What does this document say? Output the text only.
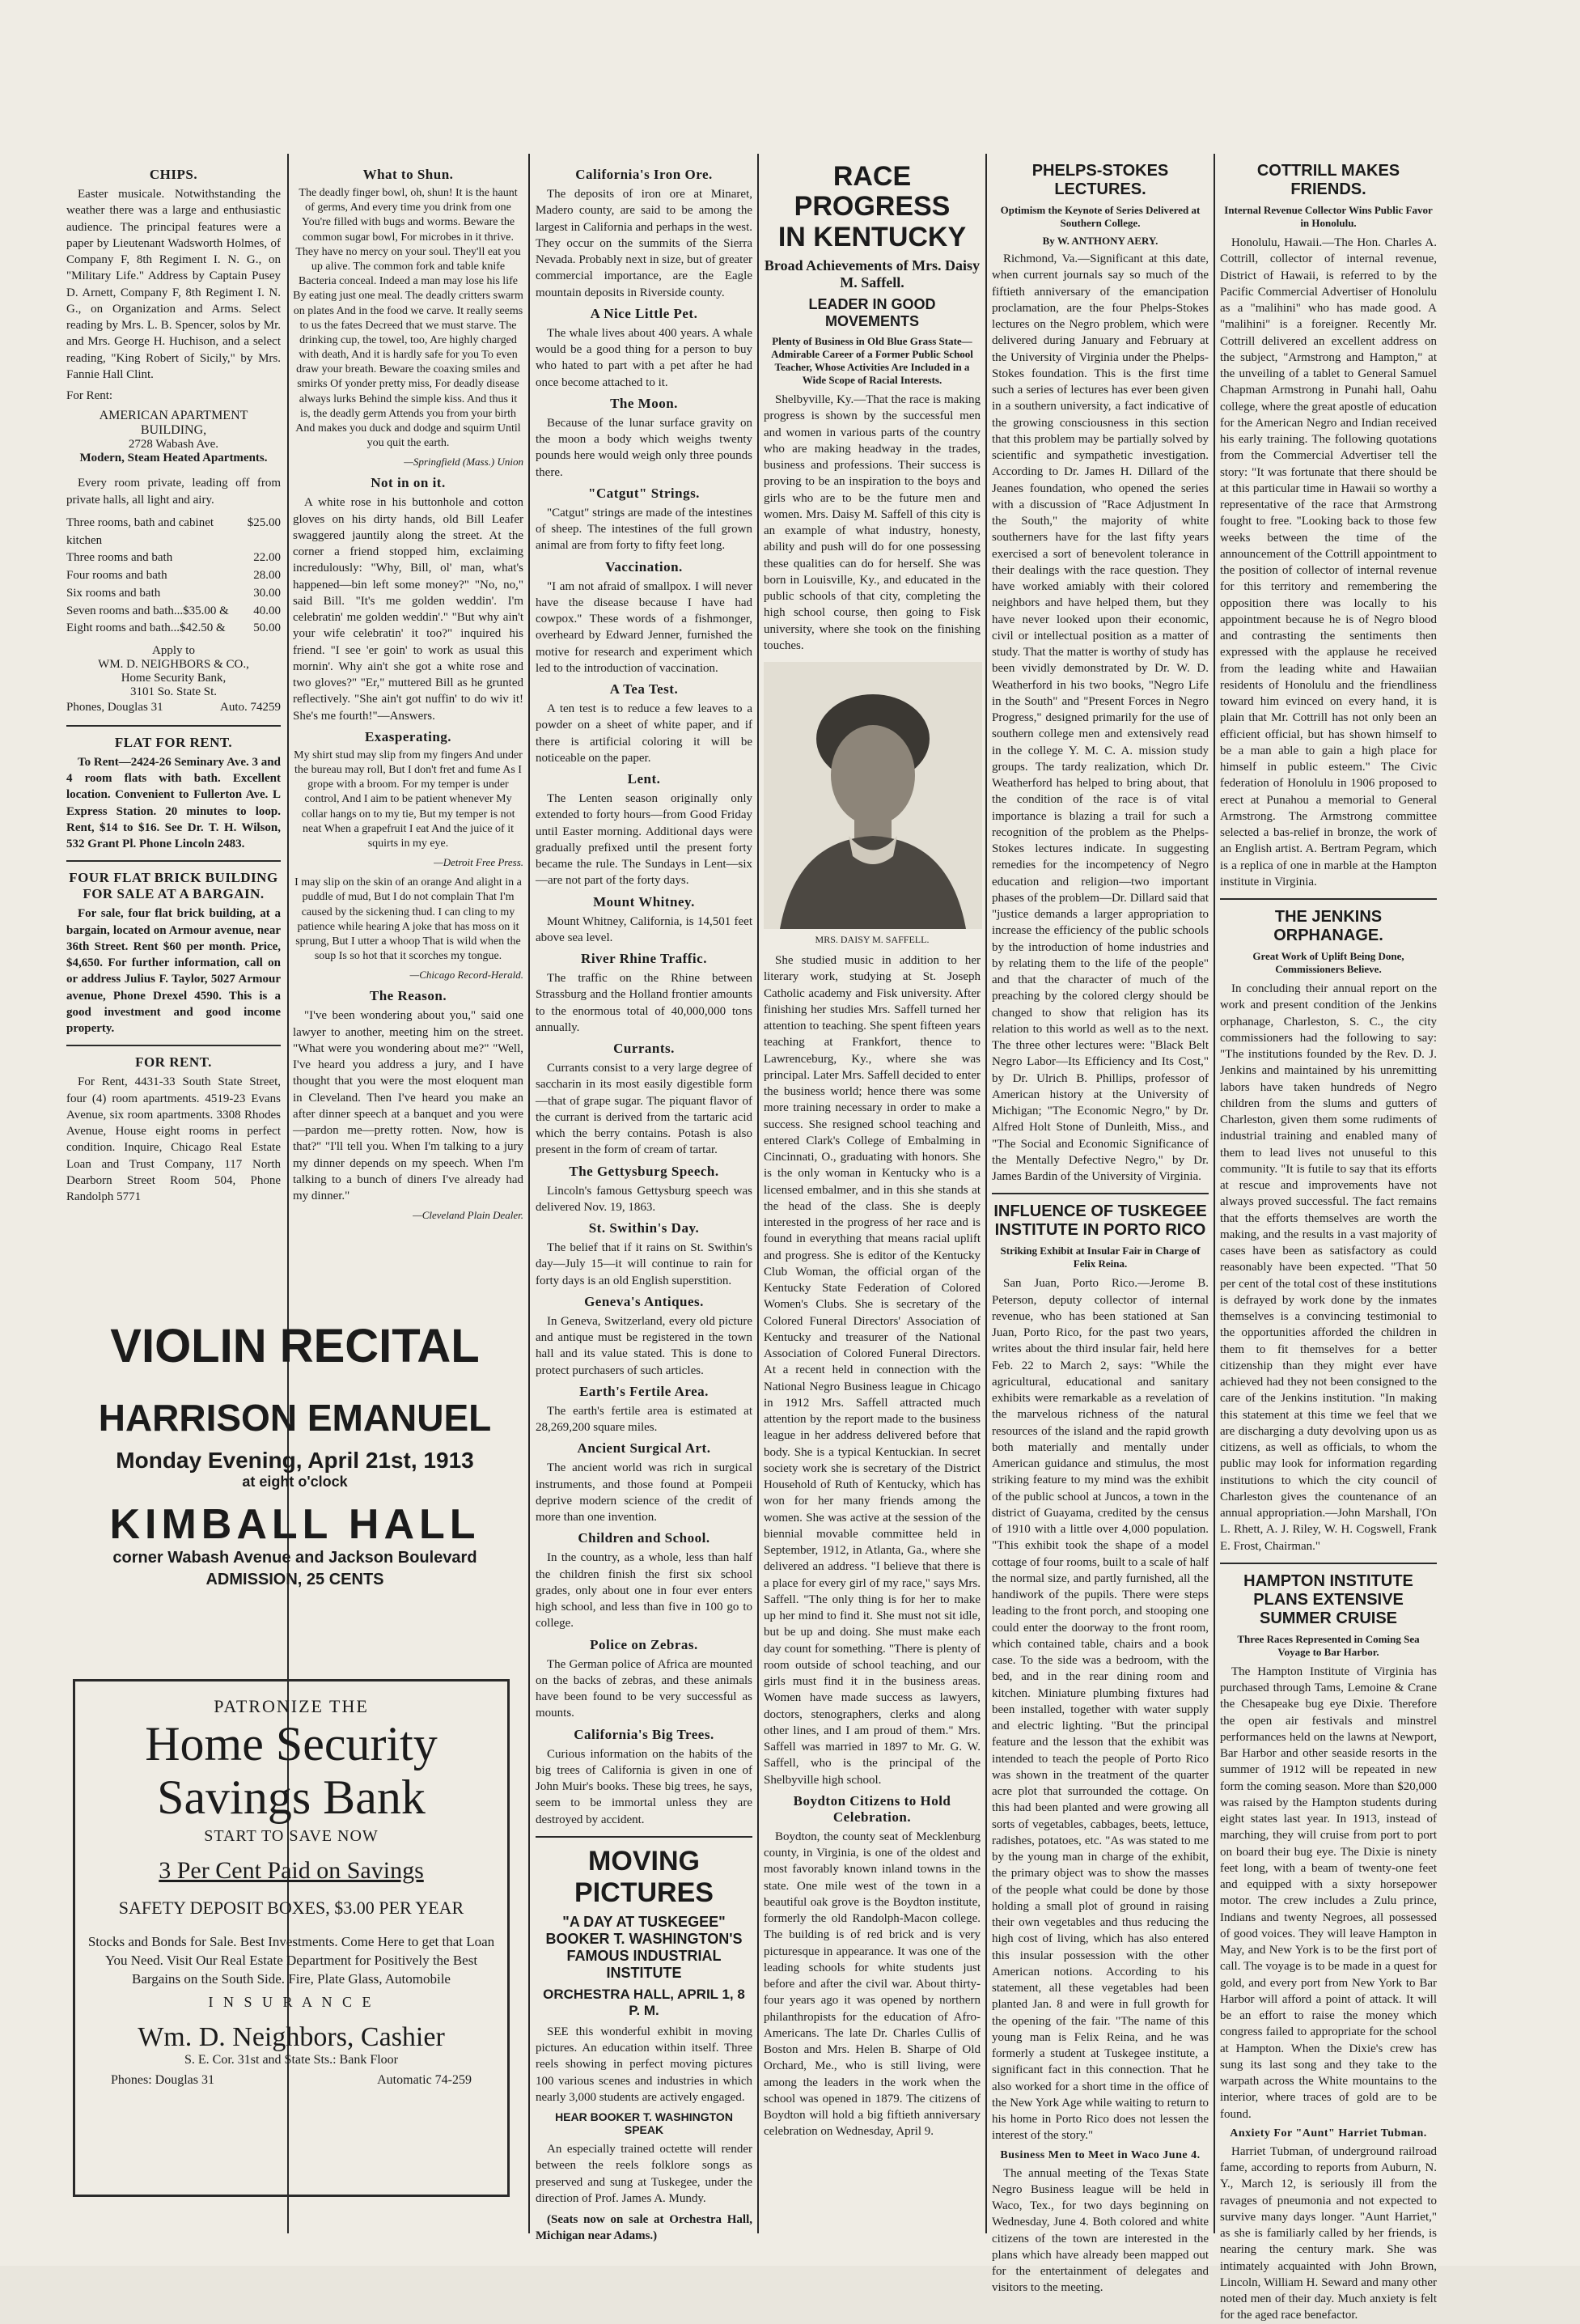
CHIPS.

Easter musicale. Notwithstanding the weather there was a large and enthusiastic audience. The principal features were a paper by Lieutenant Wadsworth Holmes, of Company F, 8th Regiment I. N. G., on "Military Life." Address by Captain Pusey D. Arnett, Company F, 8th Regiment I. N. G., on Organization and Arms. Select reading by Mrs. L. B. Spencer, solos by Mr. and Mrs. George H. Huchison, and a select reading, "King Robert of Sicily," by Mrs. Fannie Hall Clint.

For Rent:

AMERICAN APARTMENT BUILDING,
2728 Wabash Ave.
Modern, Steam Heated Apartments.

Every room private, leading off from private halls, all light and airy.

Three rooms, bath and cabinet kitchen
$25.00
Three rooms and bath	22.00
Four rooms and bath	28.00
Six rooms and bath	30.00
Seven rooms and bath...$35.00 & 40.00
Eight rooms and bath...$42.50 & 50.00
Apply to
WM. D. NEIGHBORS & CO.,
Home Security Bank,
3101 So. State St.
Phones, Douglas 31	Auto. 74259
FLAT FOR RENT.

To Rent—2424-26 Seminary Ave. 3 and 4 room flats with bath. Excellent location. Convenient to Fullerton Ave. L Express Station. 20 minutes to loop. Rent, $14 to $16. See Dr. T. H. Wilson, 532 Grant Pl. Phone Lincoln 2483.

FOUR FLAT BRICK BUILDING FOR SALE AT A BARGAIN.

For sale, four flat brick building, at a bargain, located on Armour avenue, near 36th Street. Rent $60 per month. Price, $4,650. For further information, call on or address Julius F. Taylor, 5027 Armour avenue, Phone Drexel 4590. This is a good investment and good income property.

FOR RENT.

For Rent, 4431-33 South State Street, four (4) room apartments. 4519-23 Evans Avenue, six room apartments. 3308 Rhodes Avenue, House eight rooms in perfect condition. Inquire, Chicago Real Estate Loan and Trust Company, 117 North Dearborn Street Room 504, Phone Randolph 5771

VIOLIN RECITAL
HARRISON EMANUEL
Monday Evening, April 21st, 1913
at eight o'clock
KIMBALL HALL
corner Wabash Avenue and Jackson Boulevard
ADMISSION, 25 CENTS
PATRONIZE THE
Home Security
Savings Bank
START TO SAVE NOW
3 Per Cent Paid on Savings
SAFETY DEPOSIT BOXES, $3.00 PER YEAR

Stocks and Bonds for Sale. Best Investments. Come Here to get that Loan You Need. Visit Our Real Estate Department for Positively the Best Bargains on the South Side. Fire, Plate Glass, Automobile

I N S U R A N C E
Wm. D. Neighbors, Cashier
S. E. Cor. 31st and State Sts.: Bank Floor
Phones: Douglas 31	Automatic 74-259
What to Shun.

The deadly finger bowl, oh, shun! It is the haunt of germs, And every time you drink from one You're filled with bugs and worms. Beware the common sugar bowl, For microbes in it thrive. They have no mercy on your soul. They'll eat you up alive. The common fork and table knife Bacteria conceal. Indeed a man may lose his life By eating just one meal. The deadly critters swarm on plates And in the food we carve. It really seems to us the fates Decreed that we must starve. The drinking cup, the towel, too, Are highly charged with death, And it is hardly safe for you To even draw your breath. Beware the coaxing smiles and smirks Of yonder pretty miss, For deadly disease always lurks Behind the simple kiss. And thus it is, the deadly germ Attends you from your birth And makes you duck and dodge and squirm Until you quit the earth.

—Springfield (Mass.) Union
Not in on it.

A white rose in his buttonhole and cotton gloves on his dirty hands, old Bill Leafer swaggered jauntily along the street. At the corner a friend stopped him, exclaiming incredulously: "Why, Bill, ol' man, what's happened—bin left some money?" "No, no," said Bill. "It's me golden weddin'. I'm celebratin' me golden weddin'." "But why ain't your wife celebratin' it too?" inquired his friend. "I see 'er goin' to work as usual this mornin'. Why ain't she got a white rose and two gloves?" "Er," muttered Bill as he grunted reflectively. "She ain't got nuffin' to do wiv it! She's me fourth!"—Answers.

Exasperating.

My shirt stud may slip from my fingers And under the bureau may roll, But I don't fret and fume As I grope with a broom. For my temper is under control, And I aim to be patient whenever My collar hangs on to my tie, But my temper is not neat When a grapefruit I eat And the juice of it squirts in my eye.

—Detroit Free Press.

I may slip on the skin of an orange And alight in a puddle of mud, But I do not complain That I'm caused by the sickening thud. I can cling to my patience while hearing A joke that has moss on it sprung, But I utter a whoop That is wild when the soup Is so hot that it scorches my tongue.

—Chicago Record-Herald.
The Reason.

"I've been wondering about you," said one lawyer to another, meeting him on the street. "What were you wondering about me?" "Well, I've heard you address a jury, and I have thought that you were the most eloquent man in Cleveland. Then I've heard you make an after dinner speech at a banquet and you were—pardon me—pretty rotten. Now, how is that?" "I'll tell you. When I'm talking to a jury my dinner depends on my speech. When I'm talking to a bunch of diners I've already had my dinner."

—Cleveland Plain Dealer.
California's Iron Ore.

The deposits of iron ore at Minaret, Madero county, are said to be among the largest in California and perhaps in the west. They occur on the summits of the Sierra Nevada. Probably next in size, but of greater commercial importance, are the Eagle mountain deposits in Riverside county.

A Nice Little Pet.

The whale lives about 400 years. A whale would be a good thing for a person to buy who hated to part with a pet after he had once become attached to it.

The Moon.

Because of the lunar surface gravity on the moon a body which weighs twenty pounds here would weigh only three pounds there.

"Catgut" Strings.

"Catgut" strings are made of the intestines of sheep. The intestines of the full grown animal are from forty to fifty feet long.

Vaccination.

"I am not afraid of smallpox. I will never have the disease because I have had cowpox." These words of a fishmonger, overheard by Edward Jenner, furnished the motive for research and experiment which led to the introduction of vaccination.

A Tea Test.

A ten test is to reduce a few leaves to a powder on a sheet of white paper, and if there is artificial coloring it will be noticeable on the paper.

Lent.

The Lenten season originally only extended to forty hours—from Good Friday until Easter morning. Additional days were gradually prefixed until the present forty became the rule. The Sundays in Lent—six—are not part of the forty days.

Mount Whitney.

Mount Whitney, California, is 14,501 feet above sea level.

River Rhine Traffic.

The traffic on the Rhine between Strassburg and the Holland frontier amounts to the enormous total of 40,000,000 tons annually.

Currants.

Currants consist to a very large degree of saccharin in its most easily digestible form—that of grape sugar. The piquant flavor of the currant is derived from the tartaric acid which the berry contains. Potash is also present in the form of cream of tartar.

The Gettysburg Speech.

Lincoln's famous Gettysburg speech was delivered Nov. 19, 1863.

St. Swithin's Day.

The belief that if it rains on St. Swithin's day—July 15—it will continue to rain for forty days is an old English superstition.

Geneva's Antiques.

In Geneva, Switzerland, every old picture and antique must be registered in the town hall and its value stated. This is done to protect purchasers of such articles.

Earth's Fertile Area.

The earth's fertile area is estimated at 28,269,200 square miles.

Ancient Surgical Art.

The ancient world was rich in surgical instruments, and those found at Pompeii deprive modern science of the credit of more than one invention.

Children and School.

In the country, as a whole, less than half the children finish the first six school grades, only about one in four ever enters high school, and less than five in 100 go to college.

Police on Zebras.

The German police of Africa are mounted on the backs of zebras, and these animals have been found to be very successful as mounts.

California's Big Trees.

Curious information on the habits of the big trees of California is given in one of John Muir's books. These big trees, he says, seem to be immortal unless they are destroyed by accident.

MOVING PICTURES
"A DAY AT TUSKEGEE"
BOOKER T. WASHINGTON'S FAMOUS INDUSTRIAL INSTITUTE
ORCHESTRA HALL, APRIL 1, 8 P. M.

SEE this wonderful exhibit in moving pictures. An education within itself. Three reels showing in perfect moving pictures 100 various scenes and industries in which nearly 3,000 students are actively engaged.

HEAR BOOKER T. WASHINGTON SPEAK

An especially trained octette will render between the reels folklore songs as preserved and sung at Tuskegee, under the direction of Prof. James A. Mundy.

(Seats now on sale at Orchestra Hall, Michigan near Adams.)

RACE PROGRESS
IN KENTUCKY
Broad Achievements of Mrs. Daisy M. Saffell.
LEADER IN GOOD MOVEMENTS
Plenty of Business in Old Blue Grass State—Admirable Career of a Former Public School Teacher, Whose Activities Are Included in a Wide Scope of Racial Interests.

Shelbyville, Ky.—That the race is making progress is shown by the successful men and women in various parts of the country who are making headway in the trades, business and professions. Their success is proving to be an inspiration to the boys and girls who are to be the future men and women. Mrs. Daisy M. Saffell of this city is an example of what industry, honesty, ability and push will do for one possessing these qualities can do for herself. She was born in Louisville, Ky., and educated in the public schools of that city, completing the high school course, then going to Fisk university, where she took on the finishing touches.

MRS. DAISY M. SAFFELL.

She studied music in addition to her literary work, studying at St. Joseph Catholic academy and Fisk university. After finishing her studies Mrs. Saffell turned her attention to teaching. She spent fifteen years teaching at Frankfort, thence to Lawrenceburg, Ky., where she was principal. Later Mrs. Saffell decided to enter the business world; hence there was some more training necessary in order to make a success. She resigned school teaching and entered Clark's College of Embalming in Cincinnati, O., graduating with honors. She is the only woman in Kentucky who is a licensed embalmer, and in this she stands at the head of the class. She is deeply interested in the progress of her race and is found in everything that means racial uplift and progress. She is editor of the Kentucky Club Woman, the official organ of the Kentucky State Federation of Colored Women's Clubs. She is secretary of the Colored Funeral Directors' Association of Kentucky and treasurer of the National Association of Colored Funeral Directors. At a recent held in connection with the National Negro Business league in Chicago in 1912 Mrs. Saffell attracted much attention by the report made to the business league in her address delivered before that body. She is a typical Kentuckian. In secret society work she is secretary of the District Household of Ruth of Kentucky, which has won for her many friends among the women. She was active at the session of the biennial movable committee held in September, 1912, in Atlanta, Ga., where she delivered an address. "I believe that there is a place for every girl of my race," says Mrs. Saffell. "The only thing is for her to make up her mind to find it. She must not sit idle, but be up and doing. She must make each day count for something. "There is plenty of room outside of school teaching, and our girls must find it in the business areas. Women have made success as lawyers, doctors, stenographers, clerks and along other lines, and I am proud of them." Mrs. Saffell was married in 1897 to Mr. G. W. Saffell, who is the principal of the Shelbyville high school.

Boydton Citizens to Hold Celebration.

Boydton, the county seat of Mecklenburg county, in Virginia, is one of the oldest and most favorably known inland towns in the state. One mile west of the town in a beautiful oak grove is the Boydton institute, formerly the old Randolph-Macon college. The building is of red brick and is very picturesque in appearance. It was one of the leading schools for white students just before and after the civil war. About thirty-four years ago it was opened by northern philanthropists for the education of Afro-Americans. The late Dr. Charles Cullis of Boston and Mrs. Helen B. Sharpe of Old Orchard, Me., who is still living, were among the leaders in the work when the school was opened in 1879. The citizens of Boydton will hold a big fiftieth anniversary celebration on Wednesday, April 9.

PHELPS-STOKES LECTURES.
Optimism the Keynote of Series Delivered at Southern College.
By W. ANTHONY AERY.

Richmond, Va.—Significant at this date, when current journals say so much of the fiftieth anniversary of the emancipation proclamation, are the four Phelps-Stokes lectures on the Negro problem, which were delivered during January and February at the University of Virginia under the Phelps-Stokes foundation. This is the first time such a series of lectures has ever been given in a southern university, a fact indicative of the growing consciousness in this section that this problem may be partially solved by scientific and sympathetic investigation. According to Dr. James H. Dillard of the Jeanes foundation, who opened the series with a discussion of "Race Adjustment In the South," the majority of white southerners have for the last fifty years exercised a sort of benevolent tolerance in their dealings with the race question. They have worked amiably with their colored neighbors and have helped them, but they have never looked upon their economic, civil or intellectual position as a matter of study. That the matter is worthy of study has been vividly demonstrated by Dr. W. D. Weatherford in his two books, "Negro Life in the South" and "Present Forces in Negro Progress," designed primarily for the use of southern college men and extensively read in the college Y. M. C. A. mission study groups. The tardy realization, which Dr. Weatherford has helped to bring about, that the condition of the race is of vital importance is blazing a trail for such a recognition of the problem as the Phelps-Stokes lectures indicate. In suggesting remedies for the incompetency of Negro education and religion—two important phases of the problem—Dr. Dillard said that "justice demands a larger appropriation to increase the efficiency of the public schools by the introduction of home industries and by relating them to the life of the people" and that the character of much of the preaching by the colored clergy should be changed to show that religion has its relation to this world as well as to the next. The three other lectures were: "Black Belt Negro Labor—Its Efficiency and Its Cost," by Dr. Ulrich B. Phillips, professor of American history at the University of Michigan; "The Economic Negro," by Dr. Alfred Holt Stone of Dunleith, Miss., and "The Social and Economic Significance of the Mentally Defective Negro," by Dr. James Bardin of the University of Virginia.

INFLUENCE OF TUSKEGEE INSTITUTE IN PORTO RICO
Striking Exhibit at Insular Fair in Charge of Felix Reina.

San Juan, Porto Rico.—Jerome B. Peterson, deputy collector of internal revenue, who has been stationed at San Juan, Porto Rico, for the past two years, writes about the third insular fair, held here Feb. 22 to March 2, says: "While the agricultural, educational and sanitary exhibits were remarkable as a revelation of the marvelous richness of the natural resources of the island and the rapid growth both materially and mentally under American guidance and stimulus, the most striking feature to my mind was the exhibit of the public school at Juncos, a town in the district of Guayama, credited by the census of 1910 with a little over 4,000 population. "This exhibit took the shape of a model cottage of four rooms, built to a scale of half the normal size, and partly furnished, all the handiwork of the pupils. There were steps leading to the front porch, and stooping one could enter the doorway to the front room, which contained table, chairs and a book case. To the side was a bedroom, with the bed, and in the rear dining room and kitchen. Miniature plumbing fixtures had been installed, together with water supply and electric lighting. "But the principal feature and the lesson that the exhibit was intended to teach the people of Porto Rico was shown in the treatment of the quarter acre plot that surrounded the cottage. On this had been planted and were growing all sorts of vegetables, cabbages, beets, lettuce, radishes, potatoes, etc. "As was stated to me by the young man in charge of the exhibit, the primary object was to show the masses of the people what could be done by those holding a small plot of ground in raising their own vegetables and thus reducing the high cost of living, which has also entered this insular possession with the other American notions. According to his statement, all these vegetables had been planted Jan. 8 and were in full growth for the opening of the fair. "The name of this young man is Felix Reina, and he was formerly a student at Tuskegee institute, a significant fact in this connection. That he also worked for a short time in the office of the New York Age while waiting to return to his home in Porto Rico does not lessen the interest of the story."

Business Men to Meet in Waco June 4.

The annual meeting of the Texas State Negro Business league will be held in Waco, Tex., for two days beginning on Wednesday, June 4. Both colored and white citizens of the town are interested in the plans which have already been mapped out for the entertainment of delegates and visitors to the meeting.

COTTRILL MAKES FRIENDS.
Internal Revenue Collector Wins Public Favor in Honolulu.

Honolulu, Hawaii.—The Hon. Charles A. Cottrill, collector of internal revenue, District of Hawaii, is referred to by the Pacific Commercial Advertiser of Honolulu as a "malihini" who has made good. A "malihini" is a foreigner. Recently Mr. Cottrill delivered an excellent address on the subject, "Armstrong and Hampton," at the unveiling of a tablet to General Samuel Chapman Armstrong in Punahi hall, Oahu college, where the great apostle of education for the American Negro and Indian received his early training. The following quotations from the Commercial Advertiser tell the story: "It was fortunate that there should be at this particular time in Hawaii so worthy a representative of the race that Armstrong fought to free. "Looking back to those few weeks between the time of the announcement of the Cottrill appointment to the position of collector of internal revenue for this territory and remembering the opposition there was locally to his appointment because he is of Negro blood and contrasting the sentiments then expressed with the applause he received from the leading white and Hawaiian residents of Honolulu and the friendliness toward him evinced on every hand, it is plain that Mr. Cottrill has not only been an efficient official, but has shown himself to be a man able to gain a high place for himself in public esteem." The Civic federation of Honolulu in 1906 proposed to erect at Punahou a memorial to General Armstrong. The Armstrong committee selected a bas-relief in bronze, the work of an English artist. A. Bertram Pegram, which is a replica of one in marble at the Hampton institute in Virginia.

THE JENKINS ORPHANAGE.
Great Work of Uplift Being Done, Commissioners Believe.

In concluding their annual report on the work and present condition of the Jenkins orphanage, Charleston, S. C., the city commissioners had the following to say: "The institutions founded by the Rev. D. J. Jenkins and maintained by his unremitting labors have taken hundreds of Negro children from the slums and gutters of Charleston, given them some rudiments of industrial training and enabled many of them to lead lives not unuseful to this community. "It is futile to say that its efforts at rescue and improvements have not always proved successful. The fact remains that the efforts themselves are worth the making, and the results in a vast majority of cases have been as satisfactory as could reasonably have been expected. "That 50 per cent of the total cost of these institutions is defrayed by work done by the inmates themselves is a convincing testimonial to the opportunities afforded the children in them to fit themselves for a better citizenship than they might ever have achieved had they not been consigned to the care of the Jenkins institution. "In making this statement at this time we feel that we are discharging a duty devolving upon us as citizens, as well as officials, to whom the public may look for information regarding institutions to which the city council of Charleston gives the countenance of an annual appropriation.—John Marshall, I'On L. Rhett, A. J. Riley, W. H. Cogswell, Frank E. Frost, Chairman."

HAMPTON INSTITUTE PLANS EXTENSIVE SUMMER CRUISE
Three Races Represented in Coming Sea Voyage to Bar Harbor.

The Hampton Institute of Virginia has purchased through Tams, Lemoine & Crane the Chesapeake bug eye Dixie. Therefore the open air festivals and minstrel performances held on the lawns at Newport, Bar Harbor and other seaside resorts in the summer of 1912 will be repeated in new form the coming season. More than $20,000 was raised by the Hampton students during eight states last year. In 1913, instead of marching, they will cruise from port to port on board their bug eye. The Dixie is ninety feet long, with a beam of twenty-one feet and equipped with a sixty horsepower motor. The crew includes a Zulu prince, Indians and twenty Negroes, all possessed of good voices. They will leave Hampton in May, and New York is to be the first port of call. The voyage is to be made in a quest for gold, and every port from New York to Bar Harbor will afford a point of attack. It will be an effort to raise the money which congress failed to appropriate for the school at Hampton. When the Dixie's crew has sung its last song and they take to the warpath across the White mountains to the interior, where traces of gold are to be found.

Anxiety For "Aunt" Harriet Tubman.

Harriet Tubman, of underground railroad fame, according to reports from Auburn, N. Y., March 12, is seriously ill from the ravages of pneumonia and not expected to survive many days longer. "Aunt Harriet," as she is familiarly called by her friends, is nearing the century mark. She was intimately acquainted with John Brown, Lincoln, William H. Seward and many other noted men of their day. Much anxiety is felt for the aged race benefactor.
